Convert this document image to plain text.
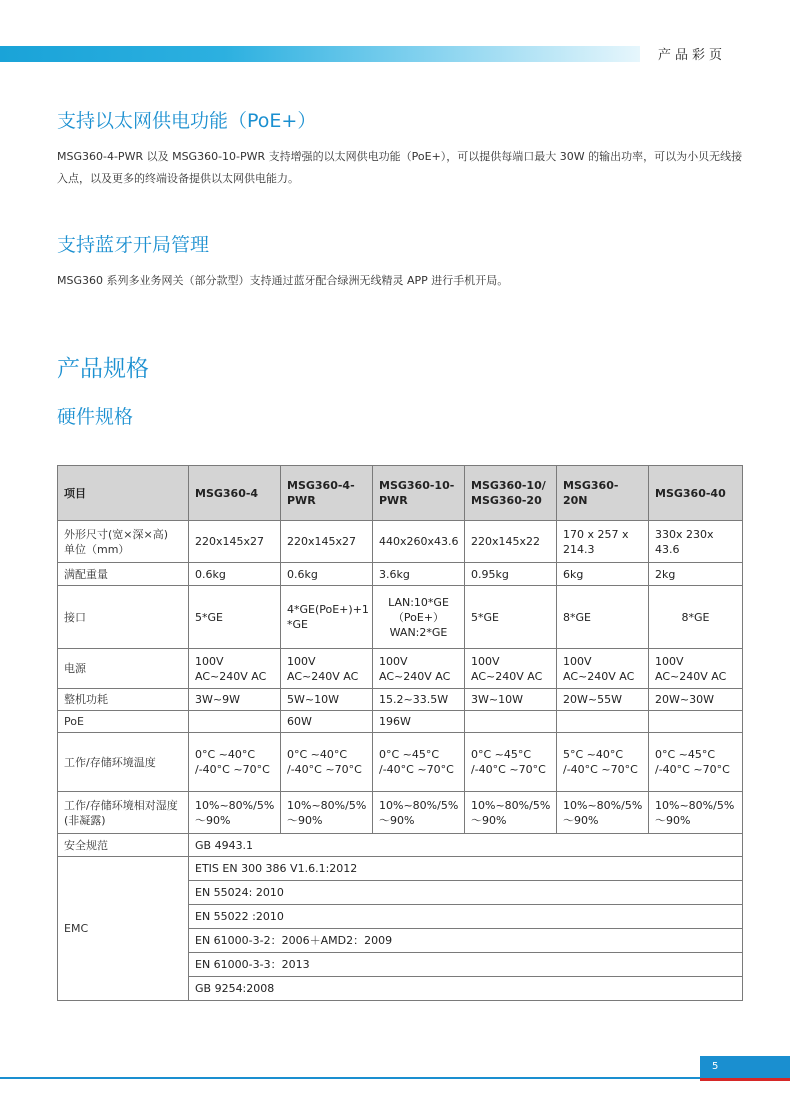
产品彩页
支持以太网供电功能（PoE+）

MSG360-4-PWR 以及 MSG360-10-PWR 支持增强的以太网供电功能（PoE+），可以提供每端口最大 30W 的输出功率，可以为小贝无线接入点，以及更多的终端设备提供以太网供电能力。

支持蓝牙开局管理

MSG360 系列多业务网关（部分款型）支持通过蓝牙配合绿洲无线精灵 APP 进行手机开局。

产品规格
硬件规格
项目	MSG360-4	MSG360-4-PWR	MSG360-10-PWR	MSG360-10/ MSG360-20	MSG360-20N	MSG360-40
外形尺寸(宽×深×高) 单位（mm）	220x145x27	220x145x27	440x260x43.6	220x145x22	170 x 257 x 214.3	330x 230x 43.6
满配重量	0.6kg	0.6kg	3.6kg	0.95kg	6kg	2kg
接口	5*GE	4*GE(PoE+)+1 *GE	LAN:10*GE （PoE+） WAN:2*GE	5*GE	8*GE	8*GE
电源	100V AC~240V AC	100V AC~240V AC	100V AC~240V AC	100V AC~240V AC	100V AC~240V AC	100V AC~240V AC
整机功耗	3W~9W	5W~10W	15.2~33.5W	3W~10W	20W~55W	20W~30W
PoE		60W	196W			
工作/存储环境温度	0°C ~40°C /-40°C ~70°C	0°C ~40°C /-40°C ~70°C	0°C ~45°C /-40°C ~70°C	0°C ~45°C /-40°C ~70°C	5°C ~40°C /-40°C ~70°C	0°C ~45°C /-40°C ~70°C
工作/存储环境相对湿度(非凝露)	10%~80%/5% ～90%	10%~80%/5% ～90%	10%~80%/5% ～90%	10%~80%/5% ～90%	10%~80%/5% ～90%	10%~80%/5% ～90%
安全规范	GB 4943.1					
EMC	ETIS EN 300 386 V1.6.1:2012					
	EN 55024: 2010					
	EN 55022 :2010					
	EN 61000-3-2：2006＋AMD2：2009					
	EN 61000-3-3：2013					
	GB 9254:2008					
5
